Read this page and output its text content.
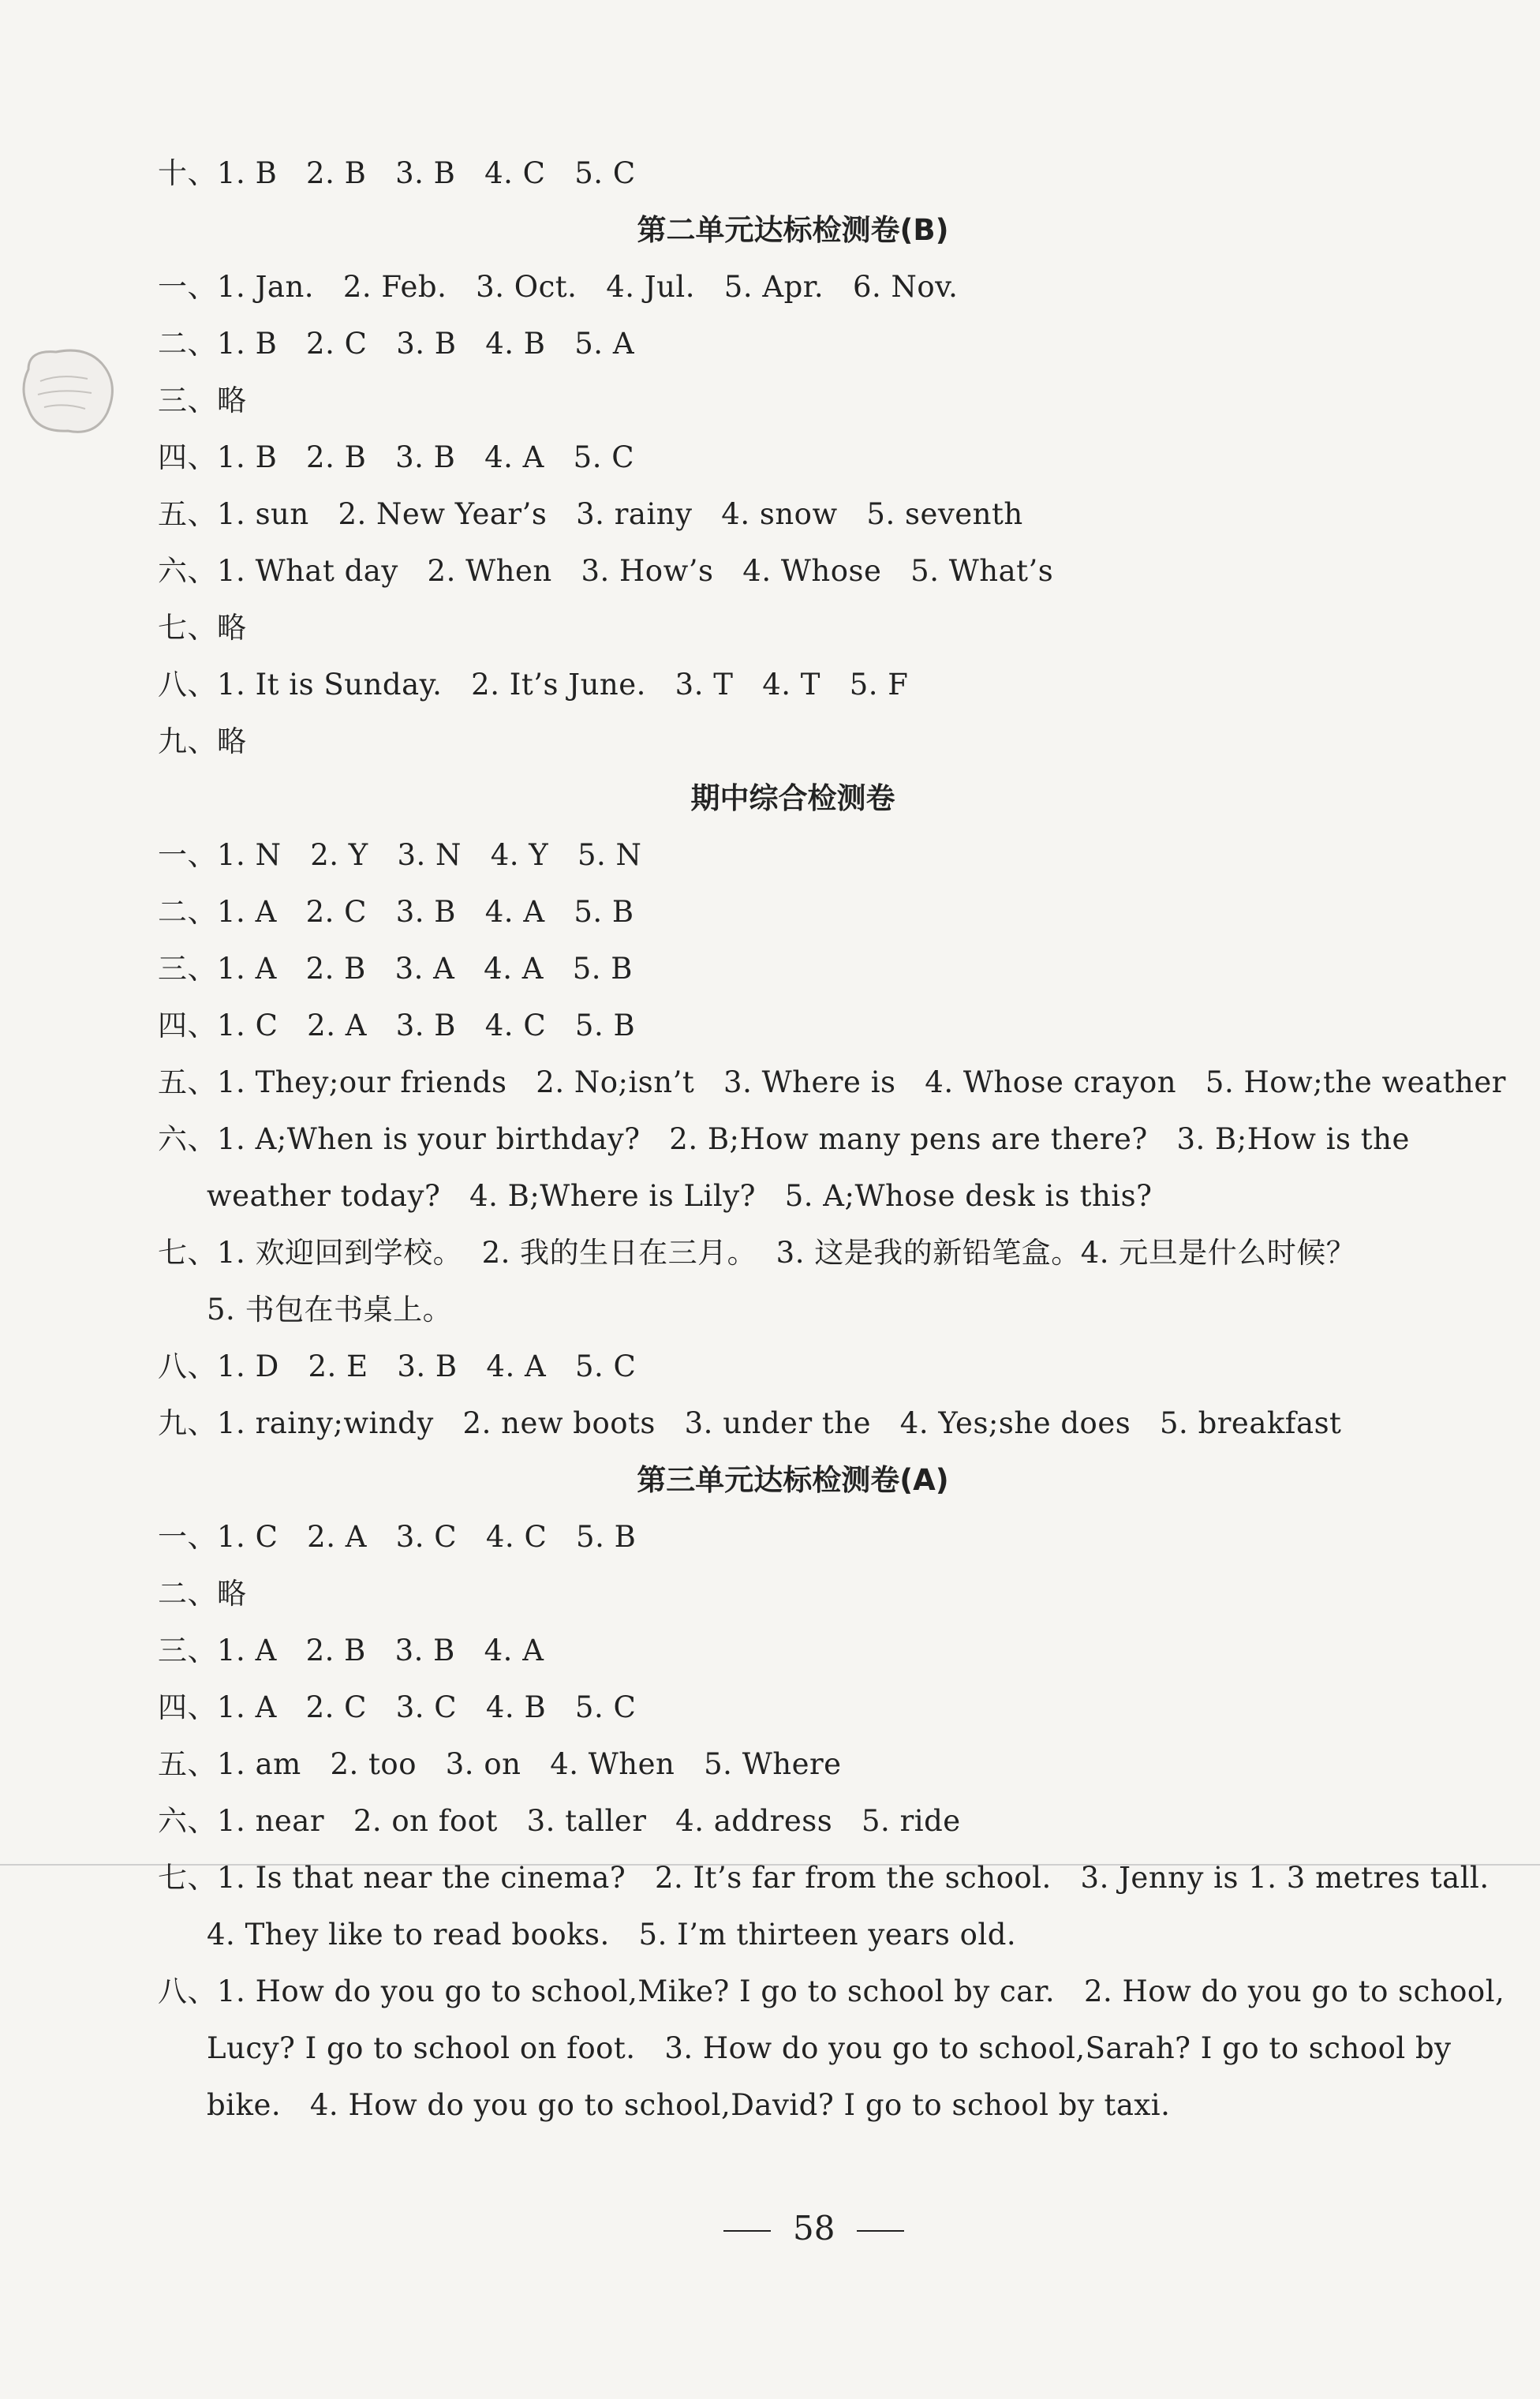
十、1. B   2. B   3. B   4. C   5. C
第二单元达标检测卷(B)
一、1. Jan.   2. Feb.   3. Oct.   4. Jul.   5. Apr.   6. Nov.
二、1. B   2. C   3. B   4. B   5. A
三、略
四、1. B   2. B   3. B   4. A   5. C
五、1. sun   2. New Year’s   3. rainy   4. snow   5. seventh
六、1. What day   2. When   3. How’s   4. Whose   5. What’s
七、略
八、1. It is Sunday.   2. It’s June.   3. T   4. T   5. F
九、略
期中综合检测卷
一、1. N   2. Y   3. N   4. Y   5. N
二、1. A   2. C   3. B   4. A   5. B
三、1. A   2. B   3. A   4. A   5. B
四、1. C   2. A   3. B   4. C   5. B
五、1. They;our friends   2. No;isn’t   3. Where is   4. Whose crayon   5. How;the weather
六、1. A;When is your birthday?   2. B;How many pens are there?   3. B;How is the
weather today?   4. B;Where is Lily?   5. A;Whose desk is this?
七、1. 欢迎回到学校。  2. 我的生日在三月。  3. 这是我的新铅笔盒。4. 元旦是什么时候？
5. 书包在书桌上。
八、1. D   2. E   3. B   4. A   5. C
九、1. rainy;windy   2. new boots   3. under the   4. Yes;she does   5. breakfast
第三单元达标检测卷(A)
一、1. C   2. A   3. C   4. C   5. B
二、略
三、1. A   2. B   3. B   4. A
四、1. A   2. C   3. C   4. B   5. C
五、1. am   2. too   3. on   4. When   5. Where
六、1. near   2. on foot   3. taller   4. address   5. ride
七、1. Is that near the cinema?   2. It’s far from the school.   3. Jenny is 1. 3 metres tall.
4. They like to read books.   5. I’m thirteen years old.
八、1. How do you go to school,Mike? I go to school by car.   2. How do you go to school,
Lucy? I go to school on foot.   3. How do you go to school,Sarah? I go to school by
bike.   4. How do you go to school,David? I go to school by taxi.

58
